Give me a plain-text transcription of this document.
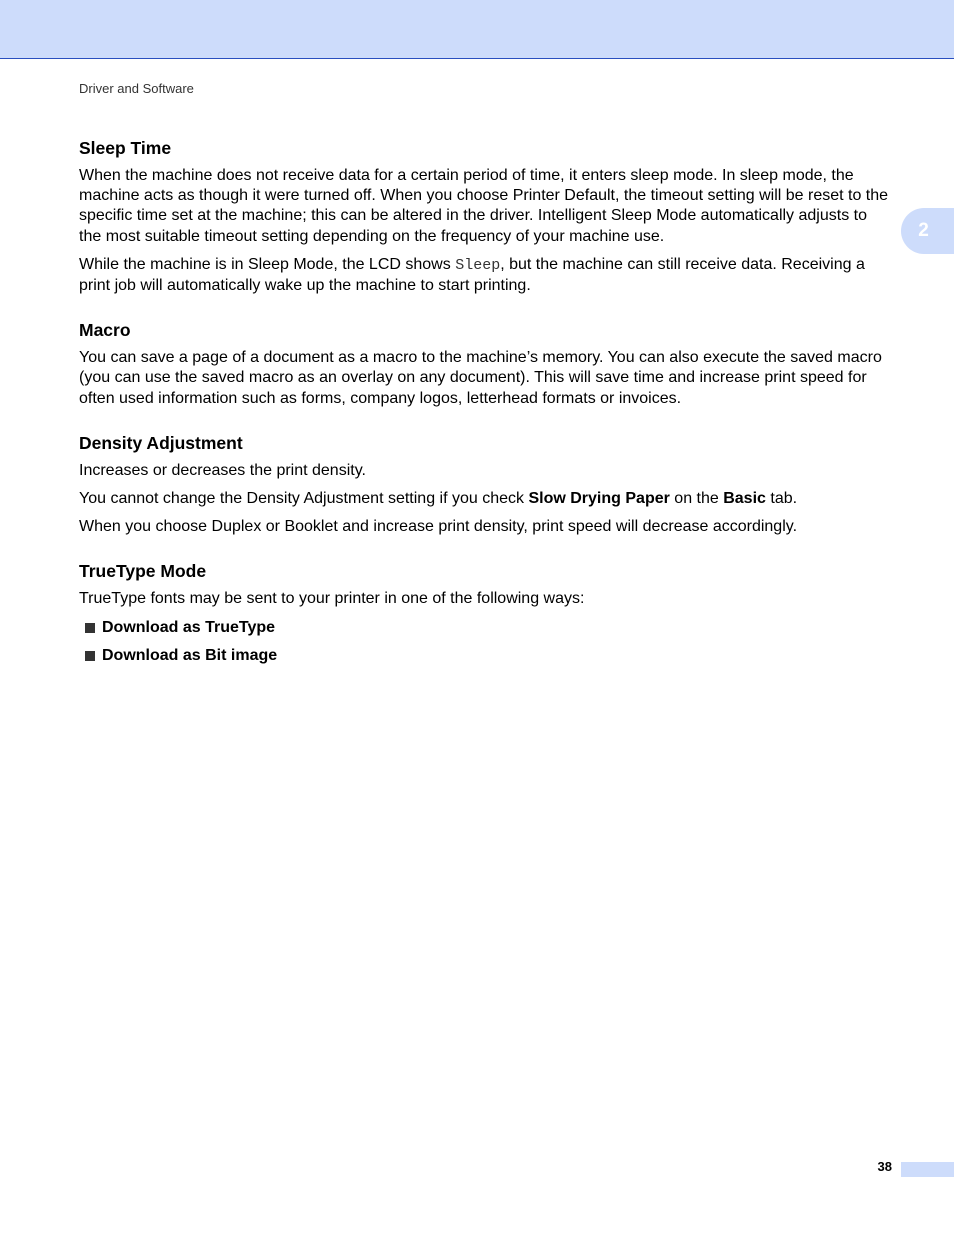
Driver and Software
2
Sleep Time

When the machine does not receive data for a certain period of time, it enters sleep mode. In sleep mode, the machine acts as though it were turned off. When you choose Printer Default, the timeout setting will be reset to the specific time set at the machine; this can be altered in the driver. Intelligent Sleep Mode automatically adjusts to the most suitable timeout setting depending on the frequency of your machine use.

While the machine is in Sleep Mode, the LCD shows Sleep, but the machine can still receive data. Receiving a print job will automatically wake up the machine to start printing.

Macro

You can save a page of a document as a macro to the machine’s memory. You can also execute the saved macro (you can use the saved macro as an overlay on any document). This will save time and increase print speed for often used information such as forms, company logos, letterhead formats or invoices.

Density Adjustment

Increases or decreases the print density.

You cannot change the Density Adjustment setting if you check Slow Drying Paper on the Basic tab.

When you choose Duplex or Booklet and increase print density, print speed will decrease accordingly.

TrueType Mode

TrueType fonts may be sent to your printer in one of the following ways:

Download as TrueType
Download as Bit image
38
